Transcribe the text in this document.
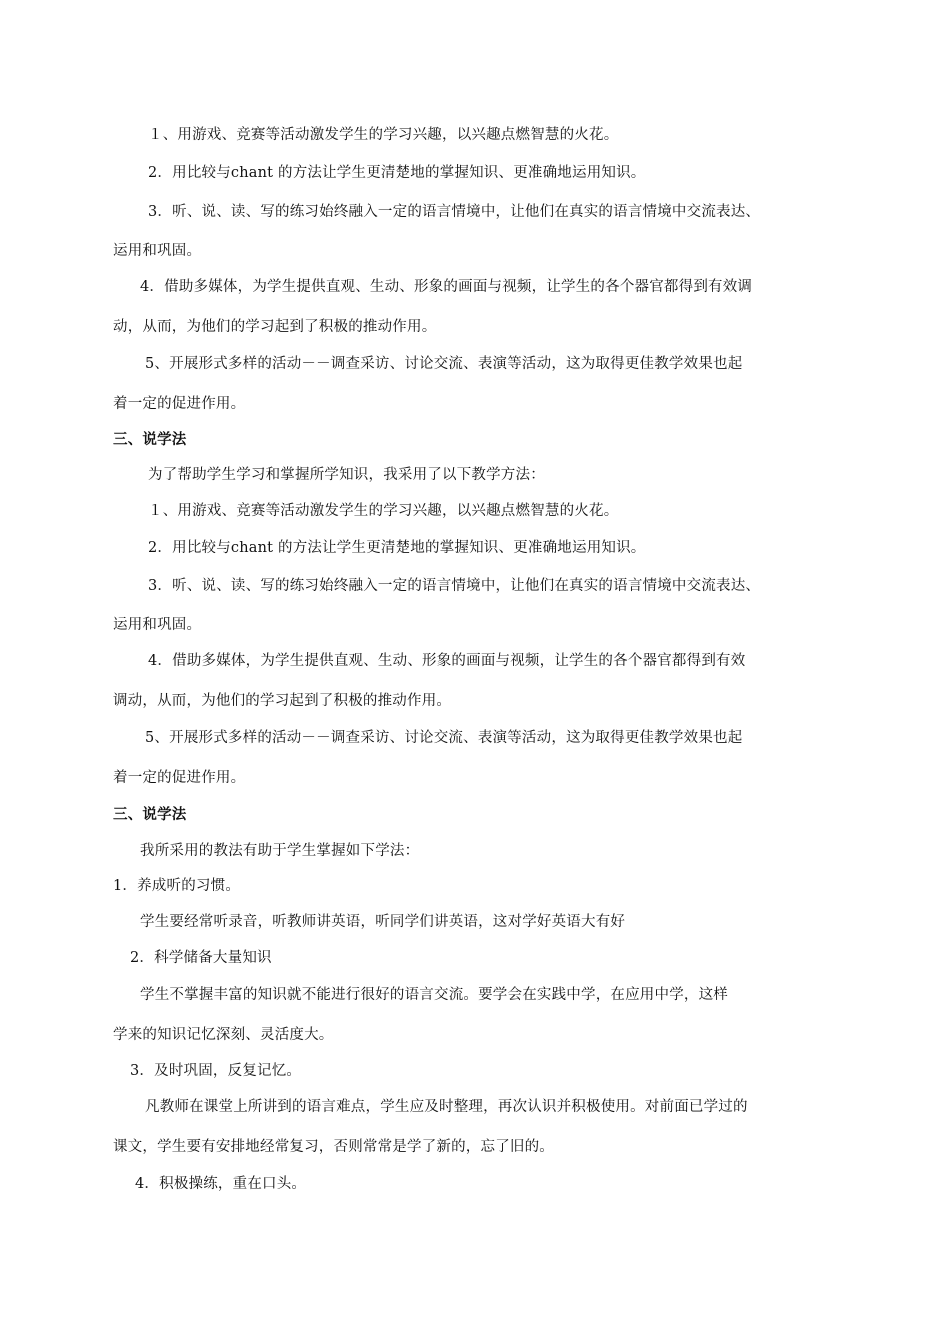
１、用游戏、竞赛等活动激发学生的学习兴趣，以兴趣点燃智慧的火花。
2．用比较与chant 的方法让学生更清楚地的掌握知识、更准确地运用知识。
3．听、说、读、写的练习始终融入一定的语言情境中，让他们在真实的语言情境中交流表达、
运用和巩固。
4．借助多媒体，为学生提供直观、生动、形象的画面与视频，让学生的各个器官都得到有效调
动，从而，为他们的学习起到了积极的推动作用。
5、开展形式多样的活动－－调查采访、讨论交流、表演等活动，这为取得更佳教学效果也起
着一定的促进作用。
三、说学法
为了帮助学生学习和掌握所学知识，我采用了以下教学方法：
１、用游戏、竞赛等活动激发学生的学习兴趣，以兴趣点燃智慧的火花。
2．用比较与chant 的方法让学生更清楚地的掌握知识、更准确地运用知识。
3．听、说、读、写的练习始终融入一定的语言情境中，让他们在真实的语言情境中交流表达、
运用和巩固。
4．借助多媒体，为学生提供直观、生动、形象的画面与视频，让学生的各个器官都得到有效
调动，从而，为他们的学习起到了积极的推动作用。
5、开展形式多样的活动－－调查采访、讨论交流、表演等活动，这为取得更佳教学效果也起
着一定的促进作用。
三、说学法
我所采用的教法有助于学生掌握如下学法：
1．养成听的习惯。
学生要经常听录音，听教师讲英语，听同学们讲英语，这对学好英语大有好
2．科学储备大量知识
学生不掌握丰富的知识就不能进行很好的语言交流。要学会在实践中学，在应用中学，这样
学来的知识记忆深刻、灵活度大。
3．及时巩固，反复记忆。
凡教师在课堂上所讲到的语言难点，学生应及时整理，再次认识并积极使用。对前面已学过的
课文，学生要有安排地经常复习，否则常常是学了新的，忘了旧的。
4．积极操练，重在口头。
